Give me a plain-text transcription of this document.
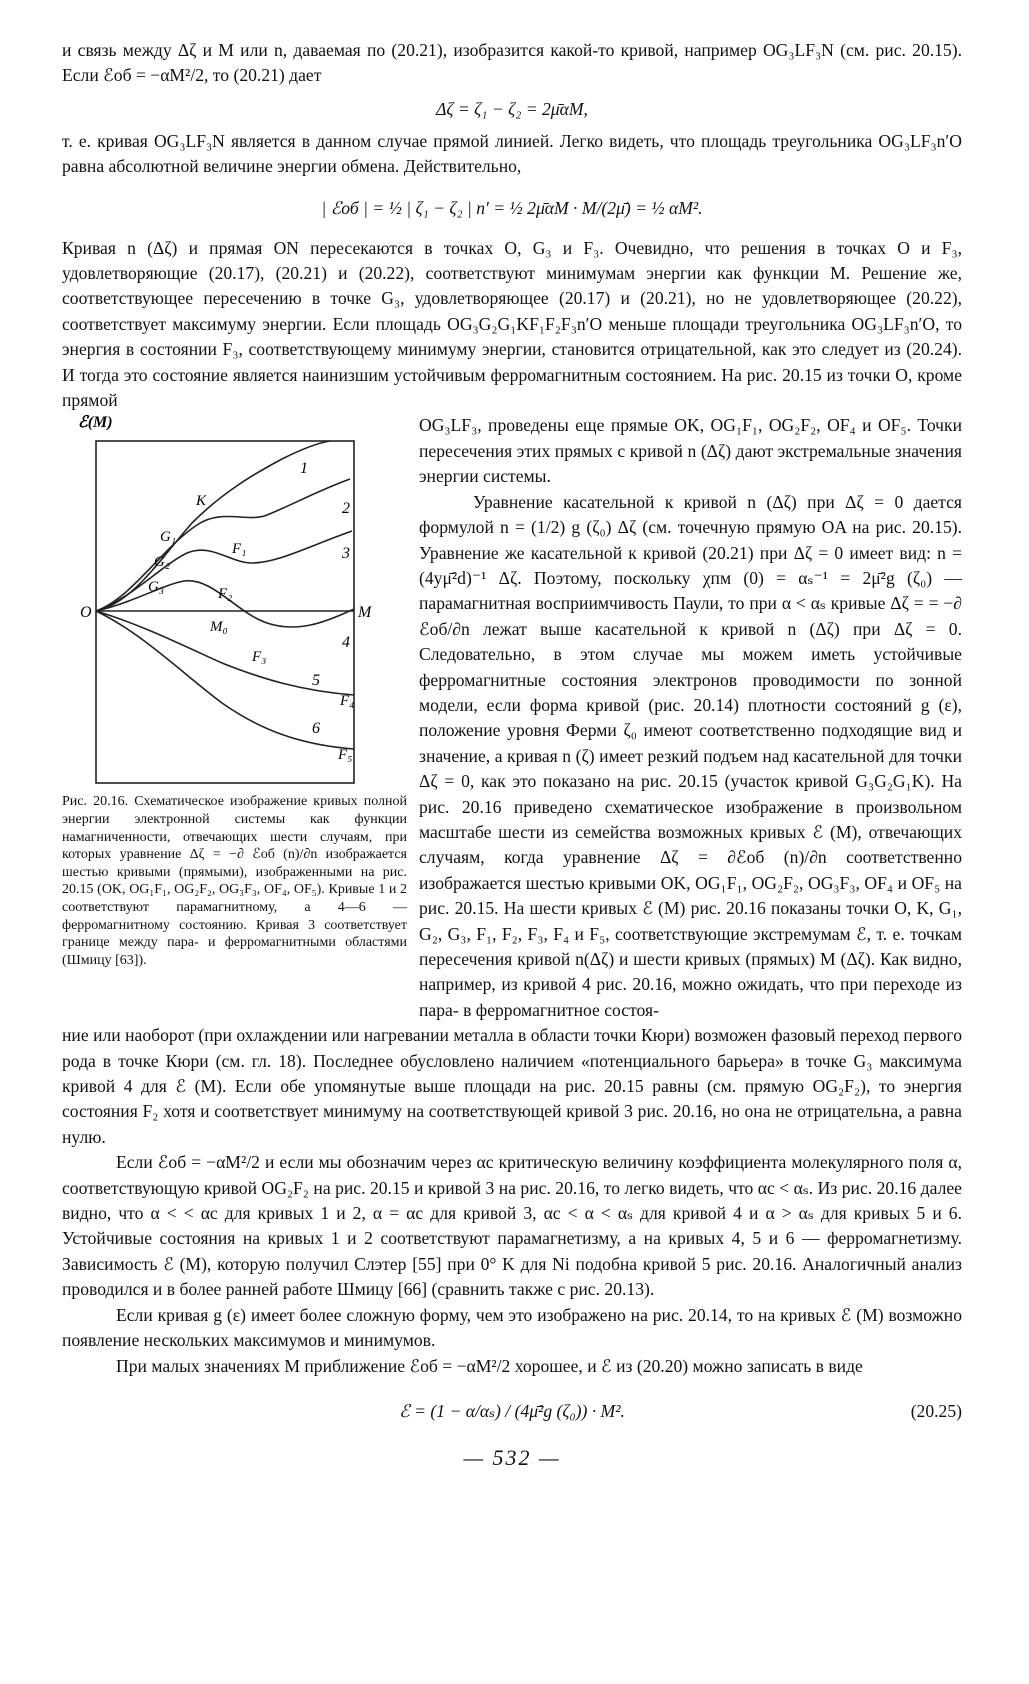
и связь между Δζ и M или n, даваемая по (20.21), изобразится какой-то кривой, например OG₃LF₃N (см. рис. 20.15). Если ℰоб = −αM²/2, то (20.21) дает

Δζ = ζ₁ − ζ₂ = 2μ̄αM,

т. е. кривая OG₃LF₃N является в данном случае прямой линией. Легко видеть, что площадь треугольника OG₃LF₃n′O равна абсолютной величине энергии обмена. Действительно,

| ℰоб | = ½ | ζ₁ − ζ₂ | n′ = ½ 2μ̄αM · M/(2μ̄) = ½ αM².

Кривая n (Δζ) и прямая ON пересекаются в точках O, G₃ и F₃. Очевидно, что решения в точках O и F₃, удовлетворяющие (20.17), (20.21) и (20.22), соответствуют минимумам энергии как функции M. Решение же, соответствующее пересечению в точке G₃, удовлетворяющее (20.17) и (20.21), но не удовлетворяющее (20.22), соответствует максимуму энергии. Если площадь OG₃G₂G₁KF₁F₂F₃n′O меньше площади треугольника OG₃LF₃n′O, то энергия в состоянии F₃, соответствующему минимуму энергии, становится отрицательной, как это следует из (20.24). И тогда это состояние является наинизшим устойчивым ферромагнитным состоянием. На рис. 20.15 из точки O, кроме прямой

ℰ(M)
O	M
1
2
3
4
5
6
K
G₁
F₁
G₂
G₃	F₂
M₀
F₃
F₄
F₅
Рис. 20.16. Схематическое изображение кривых полной энергии электронной системы как функции намагниченности, отвечающих шести случаям, при которых уравнение Δζ = −∂ ℰоб (n)/∂n изображается шестью кривыми (прямыми), изображенными на рис. 20.15 (OK, OG₁F₁, OG₂F₂, OG₃F₃, OF₄, OF₅). Кривые 1 и 2 соответствуют парамагнитному, а 4—6 — ферромагнитному состоянию. Кривая 3 соответствует границе между пара- и ферромагнитными областями (Шмицу [63]).

OG₃LF₃, проведены еще прямые OK, OG₁F₁, OG₂F₂, OF₄ и OF₅. Точки пересечения этих прямых с кривой n (Δζ) дают экстремальные значения энергии системы.

Уравнение касательной к кривой n (Δζ) при Δζ = 0 дается формулой n = (1/2) g (ζ₀) Δζ (см. точечную прямую OA на рис. 20.15). Уравнение же касательной к кривой (20.21) при Δζ = 0 имеет вид: n = (4yμ̄²d)⁻¹ Δζ. Поэтому, поскольку χпм (0) = αₛ⁻¹ = 2μ̄²g (ζ₀) — парамагнитная восприимчивость Паули, то при α < αₛ кривые Δζ = = −∂ ℰоб/∂n лежат выше касательной к кривой n (Δζ) при Δζ = 0. Следовательно, в этом случае мы можем иметь устойчивые ферромагнитные состояния электронов проводимости по зонной модели, если форма кривой (рис. 20.14) плотности состояний g (ε), положение уровня Ферми ζ₀ имеют соответственно подходящие вид и значение, а кривая n (ζ) имеет резкий подъем над касательной для точки Δζ = 0, как это показано на рис. 20.15 (участок кривой G₃G₂G₁K). На рис. 20.16 приведено схематическое изображение в произвольном масштабе шести из семейства возможных кривых ℰ (M), отвечающих случаям, когда уравнение Δζ = ∂ℰоб (n)/∂n соответственно изображается шестью кривыми OK, OG₁F₁, OG₂F₂, OG₃F₃, OF₄ и OF₅ на рис. 20.15. На шести кривых ℰ (M) рис. 20.16 показаны точки O, K, G₁, G₂, G₃, F₁, F₂, F₃, F₄ и F₅, соответствующие экстремумам ℰ, т. е. точкам пересечения кривой n(Δζ) и шести кривых (прямых) M (Δζ). Как видно, например, из кривой 4 рис. 20.16, можно ожидать, что при переходе из пара- в ферромагнитное состоя-

ние или наоборот (при охлаждении или нагревании металла в области точки Кюри) возможен фазовый переход первого рода в точке Кюри (см. гл. 18). Последнее обусловлено наличием «потенциального барьера» в точке G₃ максимума кривой 4 для ℰ (M). Если обе упомянутые выше площади на рис. 20.15 равны (см. прямую OG₂F₂), то энергия состояния F₂ хотя и соответствует минимуму на соответствующей кривой 3 рис. 20.16, но она не отрицательна, а равна нулю.

Если ℰоб = −αM²/2 и если мы обозначим через αc критическую величину коэффициента молекулярного поля α, соответствующую кривой OG₂F₂ на рис. 20.15 и кривой 3 на рис. 20.16, то легко видеть, что αc < αₛ. Из рис. 20.16 далее видно, что α < < αc для кривых 1 и 2, α = αc для кривой 3, αc < α < αₛ для кривой 4 и α > αₛ для кривых 5 и 6. Устойчивые состояния на кривых 1 и 2 соответствуют парамагнетизму, а на кривых 4, 5 и 6 — ферромагнетизму. Зависимость ℰ (M), которую получил Слэтер [55] при 0° K для Ni подобна кривой 5 рис. 20.16. Аналогичный анализ проводился и в более ранней работе Шмицу [66] (сравнить также с рис. 20.13).

Если кривая g (ε) имеет более сложную форму, чем это изображено на рис. 20.14, то на кривых ℰ (M) возможно появление нескольких максимумов и минимумов.

При малых значениях M приближение ℰоб = −αM²/2 хорошее, и ℰ из (20.20) можно записать в виде

ℰ = (1 − α/αₛ) / (4μ̄²g (ζ₀)) · M².	(20.25)
— 532 —
